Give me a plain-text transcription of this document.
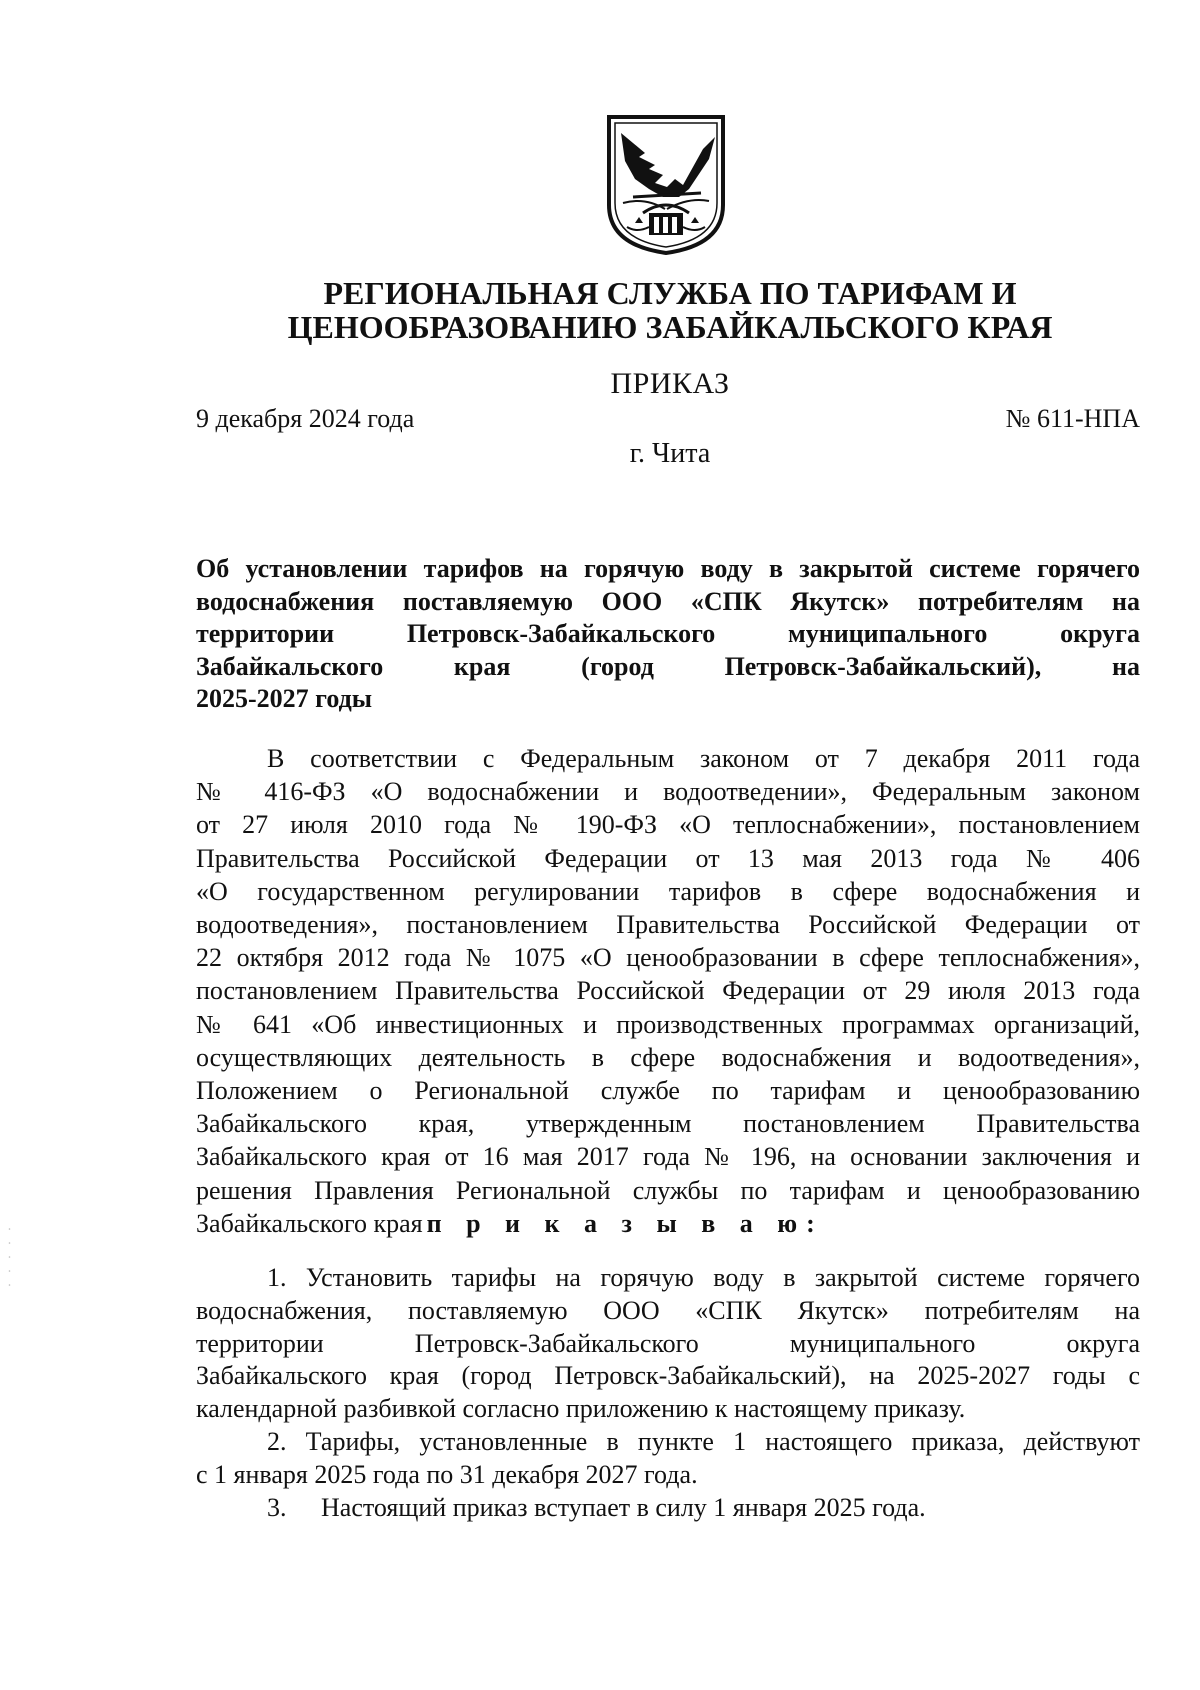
РЕГИОНАЛЬНАЯ СЛУЖБА ПО ТАРИФАМ И
ЦЕНООБРАЗОВАНИЮ ЗАБАЙКАЛЬСКОГО КРАЯ
ПРИКАЗ
9 декабря 2024 года	№ 611-НПА
г. Чита
Об установлении тарифов на горячую воду в закрытой системе горячего
водоснабжения поставляемую ООО «СПК Якутск» потребителям на
территории Петровск-Забайкальского муниципального округа
Забайкальского края (город Петровск-Забайкальский), на
2025-2027 годы
В соответствии с Федеральным законом от 7 декабря 2011 года
№ 416-ФЗ «О водоснабжении и водоотведении», Федеральным законом
от 27 июля 2010 года № 190-ФЗ «О теплоснабжении», постановлением
Правительства Российской Федерации от 13 мая 2013 года № 406
«О государственном регулировании тарифов в сфере водоснабжения и
водоотведения», постановлением Правительства Российской Федерации от
22 октября 2012 года № 1075 «О ценообразовании в сфере теплоснабжения»,
постановлением Правительства Российской Федерации от 29 июля 2013 года
№ 641 «Об инвестиционных и производственных программах организаций,
осуществляющих деятельность в сфере водоснабжения и водоотведения»,
Положением о Региональной службе по тарифам и ценообразованию
Забайкальского края, утвержденным постановлением Правительства
Забайкальского края от 16 мая 2017 года № 196, на основании заключения и
решения Правления Региональной службы по тарифам и ценообразованию
Забайкальского края п р и к а з ы в а ю:
1. Установить тарифы на горячую воду в закрытой системе горячего
водоснабжения, поставляемую ООО «СПК Якутск» потребителям на
территории Петровск-Забайкальского муниципального округа
Забайкальского края (город Петровск-Забайкальский), на 2025-2027 годы с
календарной разбивкой согласно приложению к настоящему приказу.
2. Тарифы, установленные в пункте 1 настоящего приказа, действуют
с 1 января 2025 года по 31 декабря 2027 года.
3. Настоящий приказ вступает в силу 1 января 2025 года.
